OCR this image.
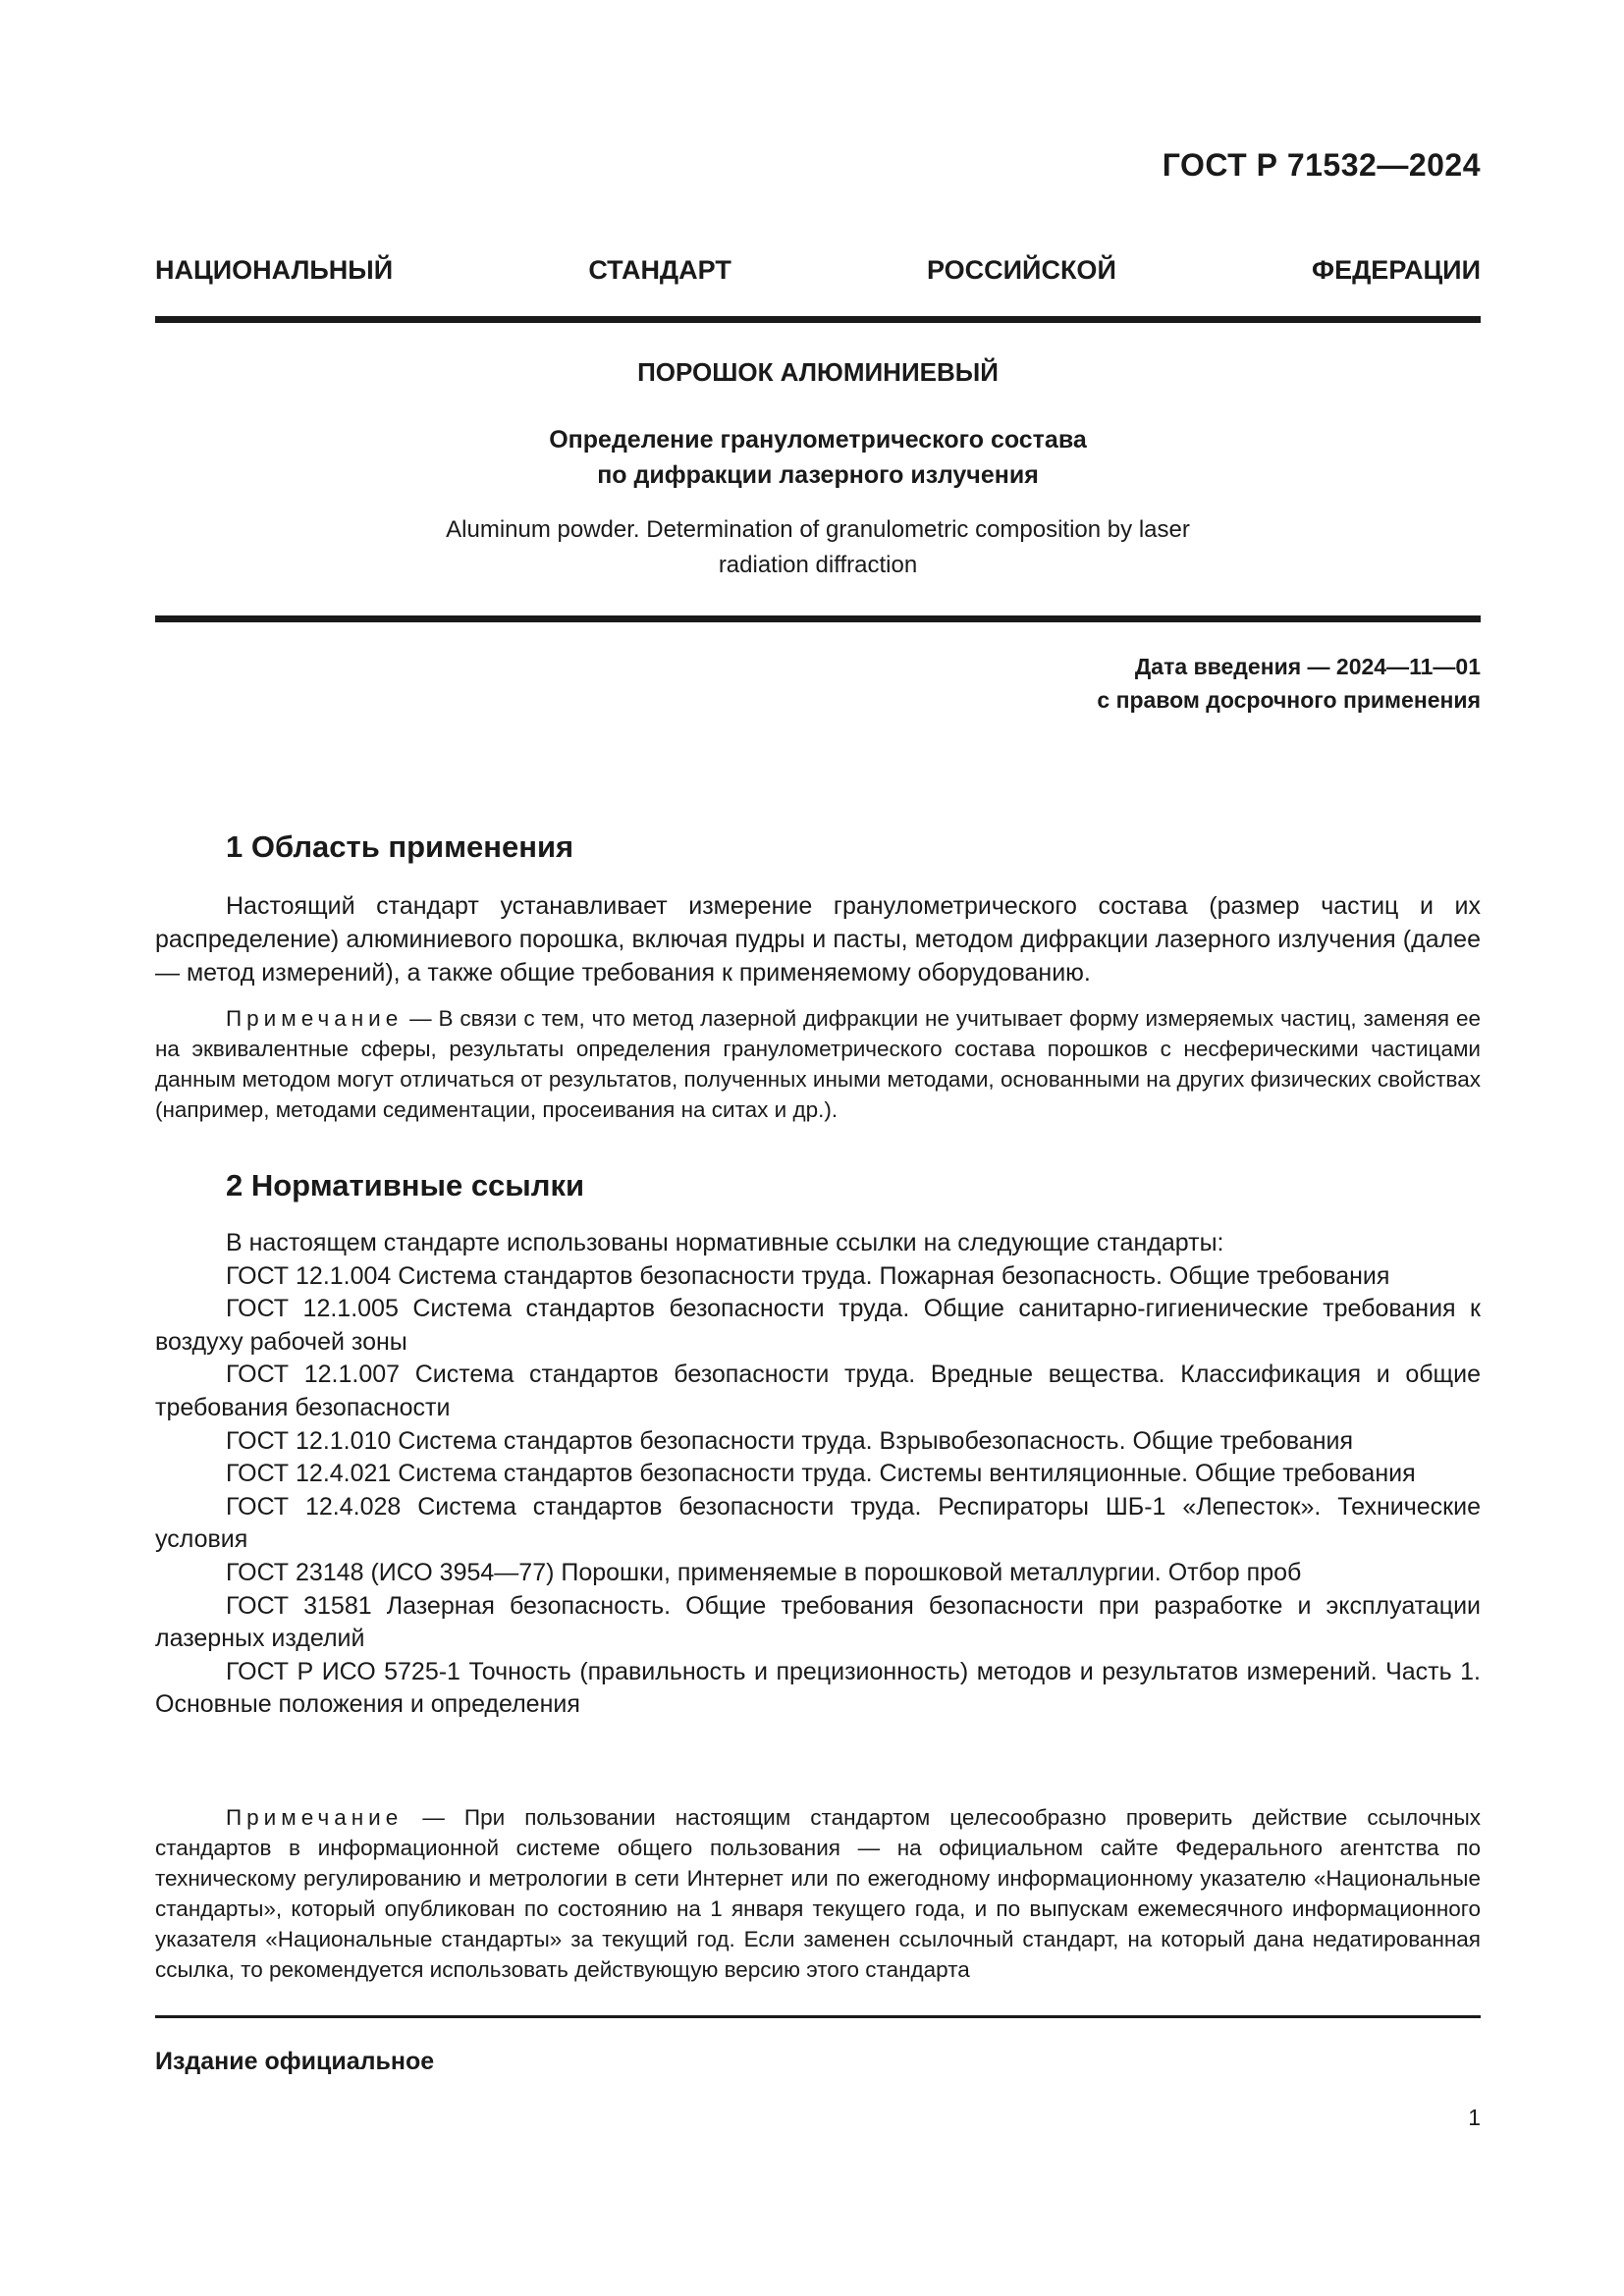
ГОСТ Р 71532—2024
НАЦИОНАЛЬНЫЙ СТАНДАРТ РОССИЙСКОЙ ФЕДЕРАЦИИ
ПОРОШОК АЛЮМИНИЕВЫЙ
Определение гранулометрического состава
по дифракции лазерного излучения
Aluminum powder. Determination of granulometric composition by laser
radiation diffraction
Дата введения — 2024—11—01
с правом досрочного применения
1 Область применения

Настоящий стандарт устанавливает измерение гранулометрического состава (размер частиц и их распределение) алюминиевого порошка, включая пудры и пасты, методом дифракции лазерного излучения (далее — метод измерений), а также общие требования к применяемому оборудованию.

Примечание — В связи с тем, что метод лазерной дифракции не учитывает форму измеряемых частиц, заменяя ее на эквивалентные сферы, результаты определения гранулометрического состава порошков с несферическими частицами данным методом могут отличаться от результатов, полученных иными методами, основанными на других физических свойствах (например, методами седиментации, просеивания на ситах и др.).
2 Нормативные ссылки
В настоящем стандарте использованы нормативные ссылки на следующие стандарты:
ГОСТ 12.1.004 Система стандартов безопасности труда. Пожарная безопасность. Общие требования
ГОСТ 12.1.005 Система стандартов безопасности труда. Общие санитарно-гигиенические требования к воздуху рабочей зоны
ГОСТ 12.1.007 Система стандартов безопасности труда. Вредные вещества. Классификация и общие требования безопасности
ГОСТ 12.1.010 Система стандартов безопасности труда. Взрывобезопасность. Общие требования
ГОСТ 12.4.021 Система стандартов безопасности труда. Системы вентиляционные. Общие требования
ГОСТ 12.4.028 Система стандартов безопасности труда. Респираторы ШБ-1 «Лепесток». Технические условия
ГОСТ 23148 (ИСО 3954—77) Порошки, применяемые в порошковой металлургии. Отбор проб
ГОСТ 31581 Лазерная безопасность. Общие требования безопасности при разработке и эксплуатации лазерных изделий
ГОСТ Р ИСО 5725-1 Точность (правильность и прецизионность) методов и результатов измерений. Часть 1. Основные положения и определения
Примечание — При пользовании настоящим стандартом целесообразно проверить действие ссылочных стандартов в информационной системе общего пользования — на официальном сайте Федерального агентства по техническому регулированию и метрологии в сети Интернет или по ежегодному информационному указателю «Национальные стандарты», который опубликован по состоянию на 1 января текущего года, и по выпускам ежемесячного информационного указателя «Национальные стандарты» за текущий год. Если заменен ссылочный стандарт, на который дана недатированная ссылка, то рекомендуется использовать действующую версию этого стандарта
Издание официальное
1
